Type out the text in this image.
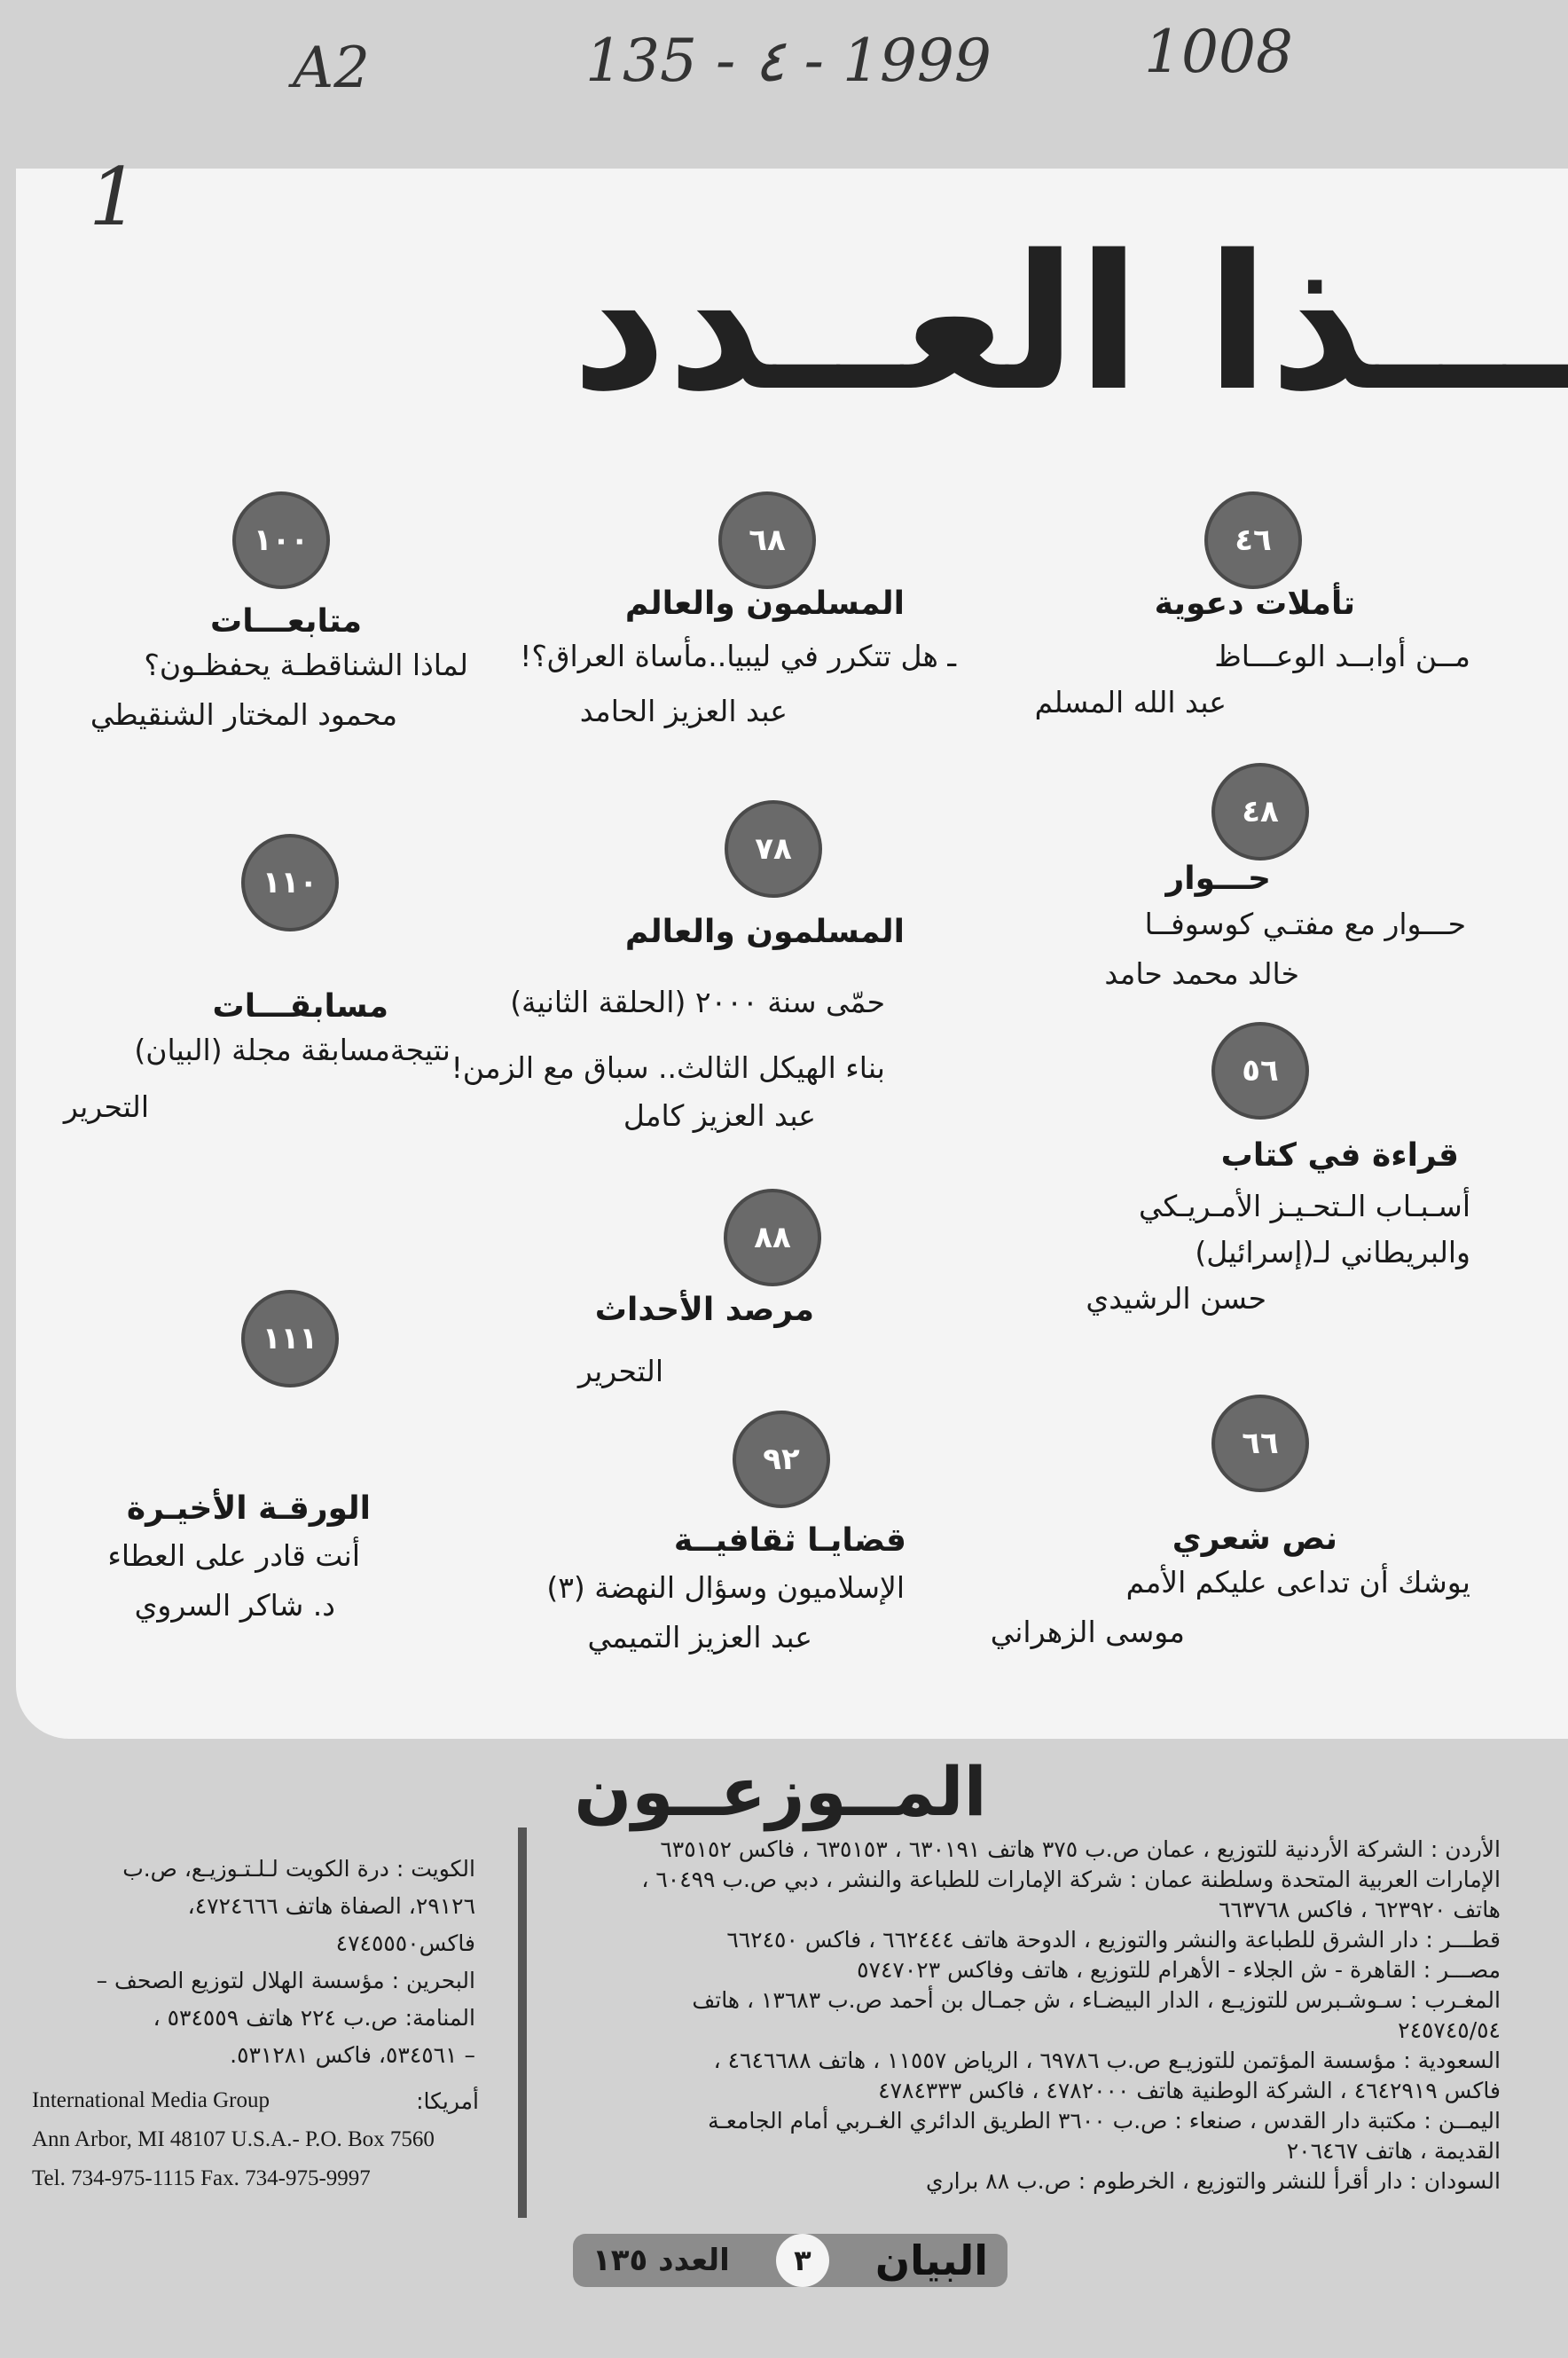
A2	135 - ٤ - 1999	1008
1
ـــذا العــدد
٤٦
تأملات دعوية
مــن أوابــد الوعـــاظ
عبد الله المسلم
٦٨
المسلمون والعالم
ـ هل تتكرر في ليبيا..مأساة العراق؟!
عبد العزيز الحامد
١٠٠
متابعـــات
لماذا الشناقطـة يحفظـون؟
محمود المختار الشنقيطي
٤٨
حـــوار
حـــوار مع مفتـي كوسوفــا
خالد محمد حامد
٧٨
المسلمون والعالم
حمّى سنة ٢٠٠٠ (الحلقة الثانية)
بناء الهيكل الثالث.. سباق مع الزمن!
عبد العزيز كامل
١١٠
مسابقـــات
نتيجةمسابقة مجلة (البيان)
التحرير
٥٦
قراءة في كتاب
أسـبـاب الـتحـيـز الأمـريـكي
والبريطاني لـ(إسرائيل)
حسن الرشيدي
٨٨
مرصد الأحداث
التحرير
١١١
الورقـة الأخيـرة
أنت قادر على العطاء
د. شاكر السروي
٦٦
نص شعري
يوشك أن تداعى عليكم الأمم
موسى الزهراني
٩٢
قضايـا ثقافيــة
الإسلاميون وسؤال النهضة (٣)
عبد العزيز التميمي
المــوزعــون
الأردن : الشركة الأردنية للتوزيع ، عمان ص.ب ٣٧٥ هاتف ٦٣٠١٩١ ، ٦٣٥١٥٣ ، فاكس ٦٣٥١٥٢
الإمارات العربية المتحدة وسلطنة عمان : شركة الإمارات للطباعة والنشر ، دبي ص.ب ٦٠٤٩٩ ،
هاتف ٦٢٣٩٢٠ ، فاكس ٦٦٣٧٦٨
قطـــر : دار الشرق للطباعة والنشر والتوزيع ، الدوحة هاتف ٦٦٢٤٤٤ ، فاكس ٦٦٢٤٥٠
مصـــر : القاهرة - ش الجلاء - الأهرام للتوزيع ، هاتف وفاكس ٥٧٤٧٠٢٣
المغـرب : سـوشـبرس للتوزيـع ، الدار البيضـاء ، ش جمـال بن أحمد ص.ب ١٣٦٨٣ ، هاتف
٢٤٥٧٤٥/٥٤
السعودية : مؤسسة المؤتمن للتوزيـع ص.ب ٦٩٧٨٦ ، الرياض ١١٥٥٧ ، هاتف ٤٦٤٦٦٨٨ ،
فاكس ٤٦٤٢٩١٩ ، الشركة الوطنية هاتف ٤٧٨٢٠٠٠ ، فاكس ٤٧٨٤٣٣٣
اليمــن : مكتبة دار القدس ، صنعاء : ص.ب ٣٦٠٠ الطريق الدائري الغـربي أمام الجامعـة
القديمة ، هاتف ٢٠٦٤٦٧
السودان : دار أقرأ للنشر والتوزيع ، الخرطوم : ص.ب ٨٨ براري
الكويت : درة الكويت لـلـتـوزيـع، ص.ب
٢٩١٢٦، الصفاة هاتف ٤٧٢٤٦٦٦،
فاكس٤٧٤٥٥٥٠
البحرين : مؤسسة الهلال لتوزيع الصحف –
المنامة: ص.ب ٢٢٤ هاتف ٥٣٤٥٥٩ ،
– ٥٣٤٥٦١، فاكس ٥٣١٢٨١.
أمريكا:
International Media Group
Ann Arbor, MI 48107 U.S.A.- P.O. Box 7560
Tel. 734-975-1115 Fax. 734-975-9997
البيان
٣
العدد ١٣٥
